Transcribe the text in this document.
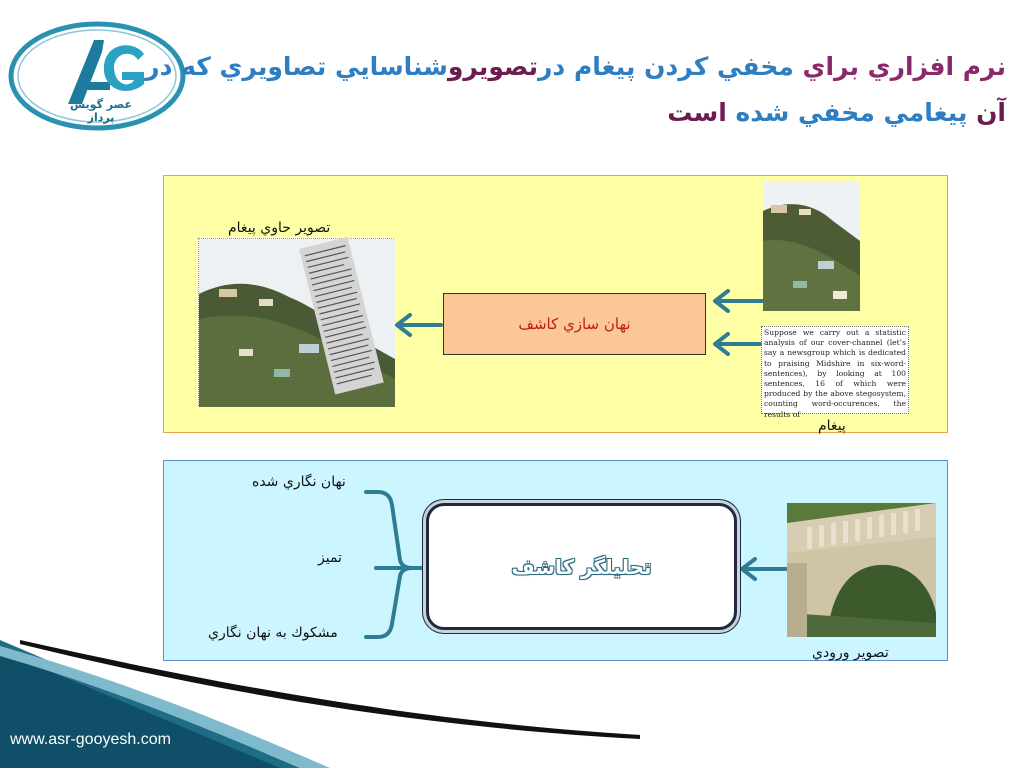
عصر گويش پرداز
نرم افزاري براي مخفي كردن پيغام درتصويروشناسايي تصاويري كه در
آن پيغامي مخفي شده است
تصوير حاوي پيغام
نهان سازي كاشف	Suppose we carry out a statistic analysis of our cover-channel (let’s say a newsgroup which is dedicated to praising Midshire in six-word-sentences), by looking at 100 sentences, 16 of which were produced by the above stegosystem, counting word-occurences, the results of
پيغام
نهان نگاري شده
تميز
مشكوك به نهان نگاري
تحليلگر كاشف
تصوير ورودي
www.asr-gooyesh.com
